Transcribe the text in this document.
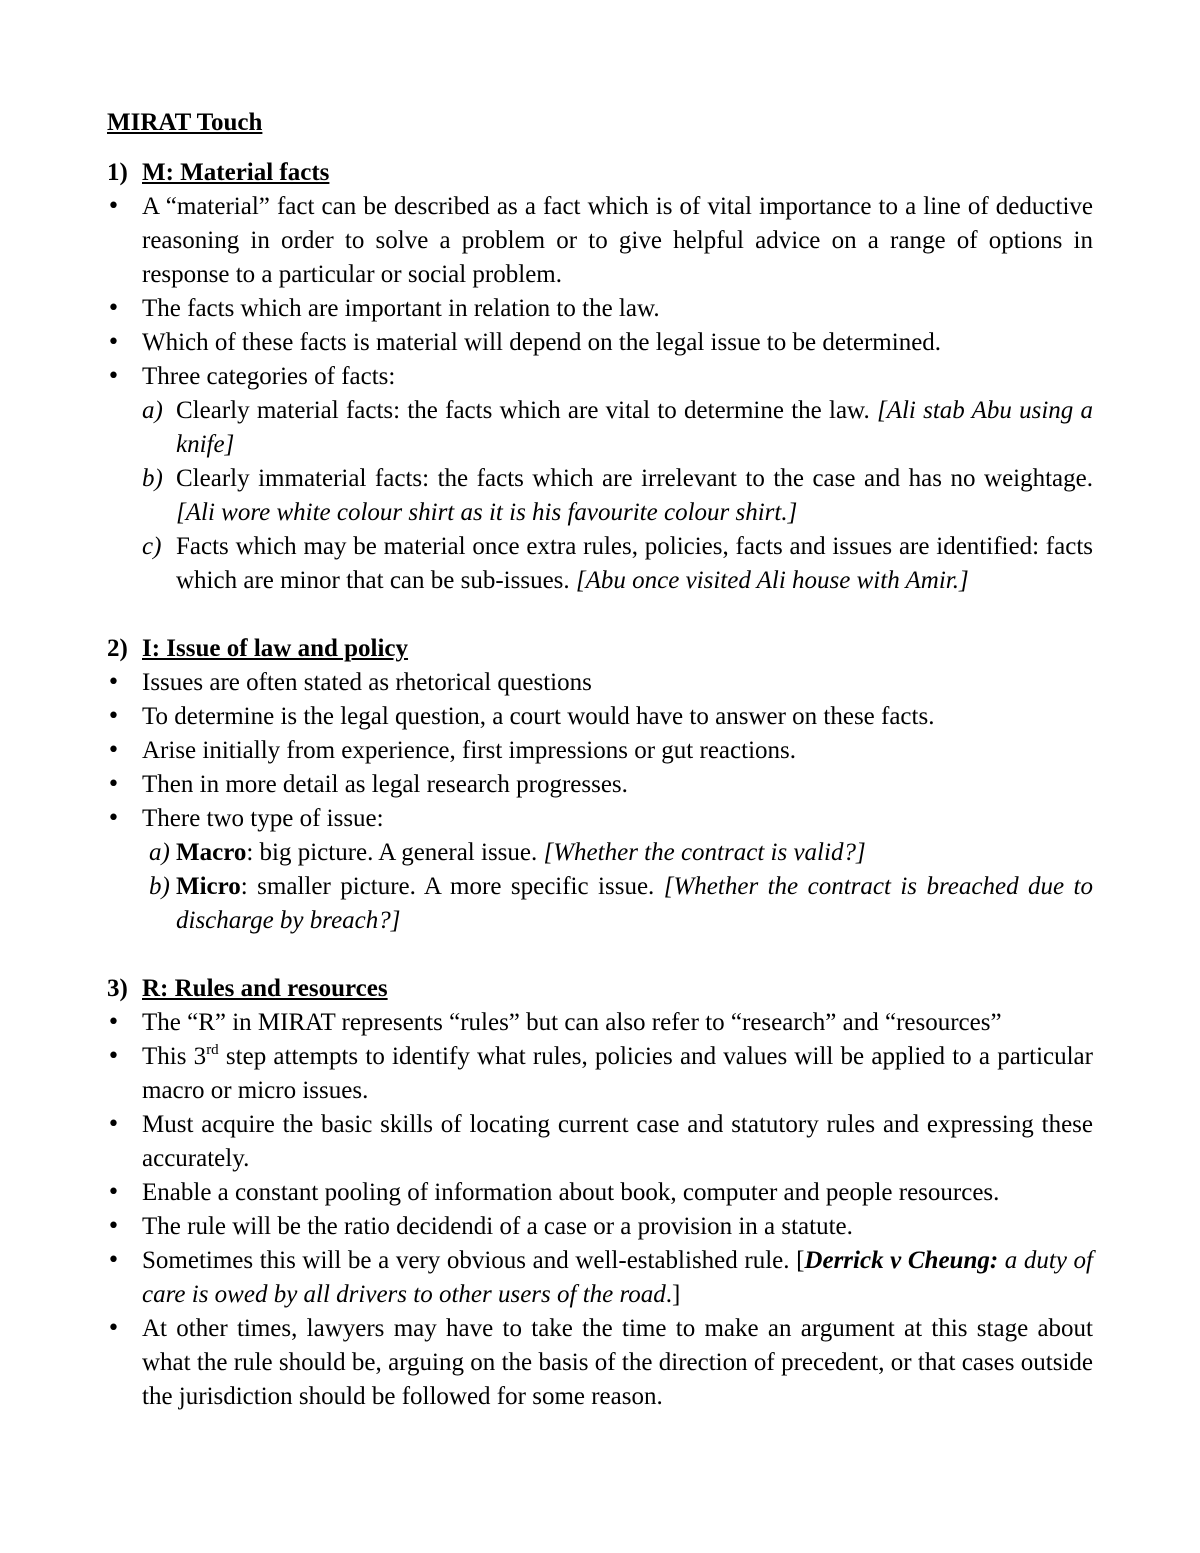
MIRAT Touch
1) M: Material facts
• A “material” fact can be described as a fact which is of vital importance to a line of deductive reasoning in order to solve a problem or to give helpful advice on a range of options in response to a particular or social problem.
• The facts which are important in relation to the law.
• Which of these facts is material will depend on the legal issue to be determined.
• Three categories of facts:
a) Clearly material facts: the facts which are vital to determine the law. [Ali stab Abu using a knife]
b) Clearly immaterial facts: the facts which are irrelevant to the case and has no weightage. [Ali wore white colour shirt as it is his favourite colour shirt.]
c) Facts which may be material once extra rules, policies, facts and issues are identified: facts which are minor that can be sub-issues. [Abu once visited Ali house with Amir.]
2) I: Issue of law and policy
• Issues are often stated as rhetorical questions
• To determine is the legal question, a court would have to answer on these facts.
• Arise initially from experience, first impressions or gut reactions.
• Then in more detail as legal research progresses.
• There two type of issue:
a) Macro: big picture. A general issue. [Whether the contract is valid?]
b) Micro: smaller picture. A more specific issue. [Whether the contract is breached due to discharge by breach?]
3) R: Rules and resources
• The “R” in MIRAT represents “rules” but can also refer to “research” and “resources”
• This 3rd step attempts to identify what rules, policies and values will be applied to a particular macro or micro issues.
• Must acquire the basic skills of locating current case and statutory rules and expressing these accurately.
• Enable a constant pooling of information about book, computer and people resources.
• The rule will be the ratio decidendi of a case or a provision in a statute.
• Sometimes this will be a very obvious and well-established rule. [Derrick v Cheung: a duty of care is owed by all drivers to other users of the road.]
• At other times, lawyers may have to take the time to make an argument at this stage about what the rule should be, arguing on the basis of the direction of precedent, or that cases outside the jurisdiction should be followed for some reason.
